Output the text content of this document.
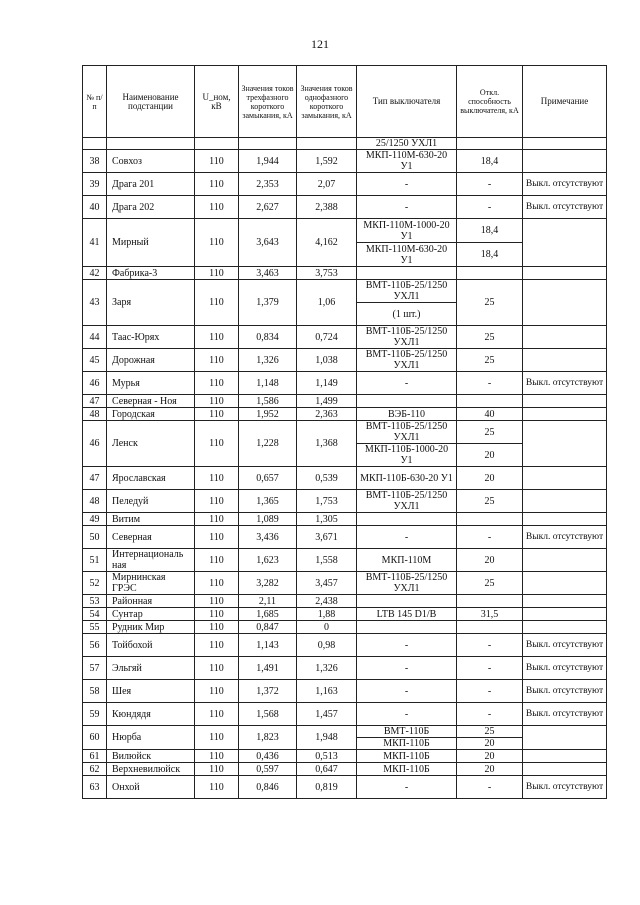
121
№ п/ п	Наименование подстанции	U_ном, кВ	Значения токов трехфазного короткого замыкания, кА	Значения токов однофазного короткого замыкания, кА	Тип выключателя	Откл. способность выключателя, кА	Примечание
					25/1250 УХЛ1		
38	Совхоз	110	1,944	1,592	МКП-110М-630-20 У1	18,4	
39	Драга 201	110	2,353	2,07	-	-	Выкл. отсутствуют
40	Драга 202	110	2,627	2,388	-	-	Выкл. отсутствуют
41	Мирный	110	3,643	4,162	МКП-110М-1000-20 У1	18,4	
					МКП-110М-630-20 У1	18,4	
42	Фабрика-3	110	3,463	3,753			
43	Заря	110	1,379	1,06	ВМТ-110Б-25/1250 УХЛ1	25	
					(1 шт.)		
44	Таас-Юрях	110	0,834	0,724	ВМТ-110Б-25/1250 УХЛ1	25	
45	Дорожная	110	1,326	1,038	ВМТ-110Б-25/1250 УХЛ1	25	
46	Мурья	110	1,148	1,149	-	-	Выкл. отсутствуют
47	Северная - Ноя	110	1,586	1,499			
48	Городская	110	1,952	2,363	ВЭБ-110	40	
46	Ленск	110	1,228	1,368	ВМТ-110Б-25/1250 УХЛ1	25	
					МКП-110Б-1000-20 У1	20	
47	Ярославская	110	0,657	0,539	МКП-110Б-630-20 У1	20	
48	Пеледуй	110	1,365	1,753	ВМТ-110Б-25/1250 УХЛ1	25	
49	Витим	110	1,089	1,305			
50	Северная	110	3,436	3,671	-	-	Выкл. отсутствуют
51	Интернациональ ная	110	1,623	1,558	МКП-110М	20	
52	Мирнинская ГРЭС	110	3,282	3,457	ВМТ-110Б-25/1250 УХЛ1	25	
53	Районная	110	2,11	2,438			
54	Сунтар	110	1,685	1,88	LTB 145 D1/B	31,5	
55	Рудник Мир	110	0,847	0			
56	Тойбохой	110	1,143	0,98	-	-	Выкл. отсутствуют
57	Эльгяй	110	1,491	1,326	-	-	Выкл. отсутствуют
58	Шея	110	1,372	1,163	-	-	Выкл. отсутствуют
59	Кюндядя	110	1,568	1,457	-	-	Выкл. отсутствуют
60	Нюрба	110	1,823	1,948	ВМТ-110Б	25	
					МКП-110Б	20	
61	Вилюйск	110	0,436	0,513	МКП-110Б	20	
62	Верхневилюйск	110	0,597	0,647	МКП-110Б	20	
63	Онхой	110	0,846	0,819	-	-	Выкл. отсутствуют
